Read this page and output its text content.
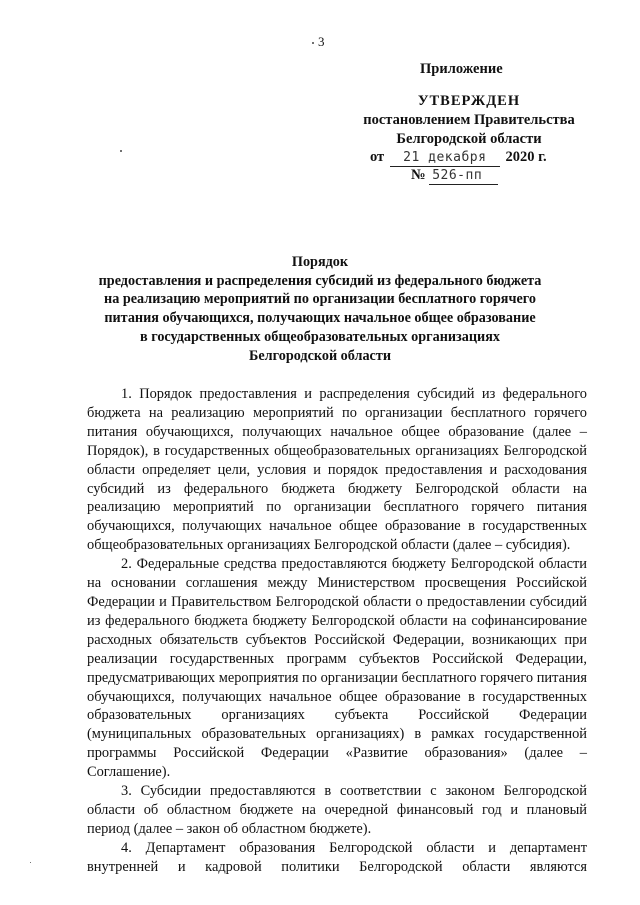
3
Приложение
УТВЕРЖДЕН
постановлением Правительства
Белгородской области
от 21 декабря 2020 г.
№ 526-пп
Порядок
предоставления и распределения субсидий из федерального бюджета
на реализацию мероприятий по организации бесплатного горячего
питания обучающихся, получающих начальное общее образование
в государственных общеобразовательных организациях
Белгородской области

1. Порядок предоставления и распределения субсидий из федерального бюджета на реализацию мероприятий по организации бесплатного горячего питания обучающихся, получающих начальное общее образование (далее – Порядок), в государственных общеобразовательных организациях Белгородской области определяет цели, условия и порядок предоставления и расходования субсидий из федерального бюджета бюджету Белгородской области на реализацию мероприятий по организации бесплатного горячего питания обучающихся, получающих начальное общее образование в государственных общеобразовательных организациях Белгородской области (далее – субсидия).

2. Федеральные средства предоставляются бюджету Белгородской области на основании соглашения между Министерством просвещения Российской Федерации и Правительством Белгородской области о предоставлении субсидий из федерального бюджета бюджету Белгородской области на софинансирование расходных обязательств субъектов Российской Федерации, возникающих при реализации государственных программ субъектов Российской Федерации, предусматривающих мероприятия по организации бесплатного горячего питания обучающихся, получающих начальное общее образование в государственных образовательных организациях субъекта Российской Федерации (муниципальных образовательных организациях) в рамках государственной программы Российской Федерации «Развитие образования» (далее – Соглашение).

3. Субсидии предоставляются в соответствии с законом Белгородской области об областном бюджете на очередной финансовый год и плановый период (далее – закон об областном бюджете).

4. Департамент образования Белгородской области и департамент внутренней и кадровой политики Белгородской области являются
